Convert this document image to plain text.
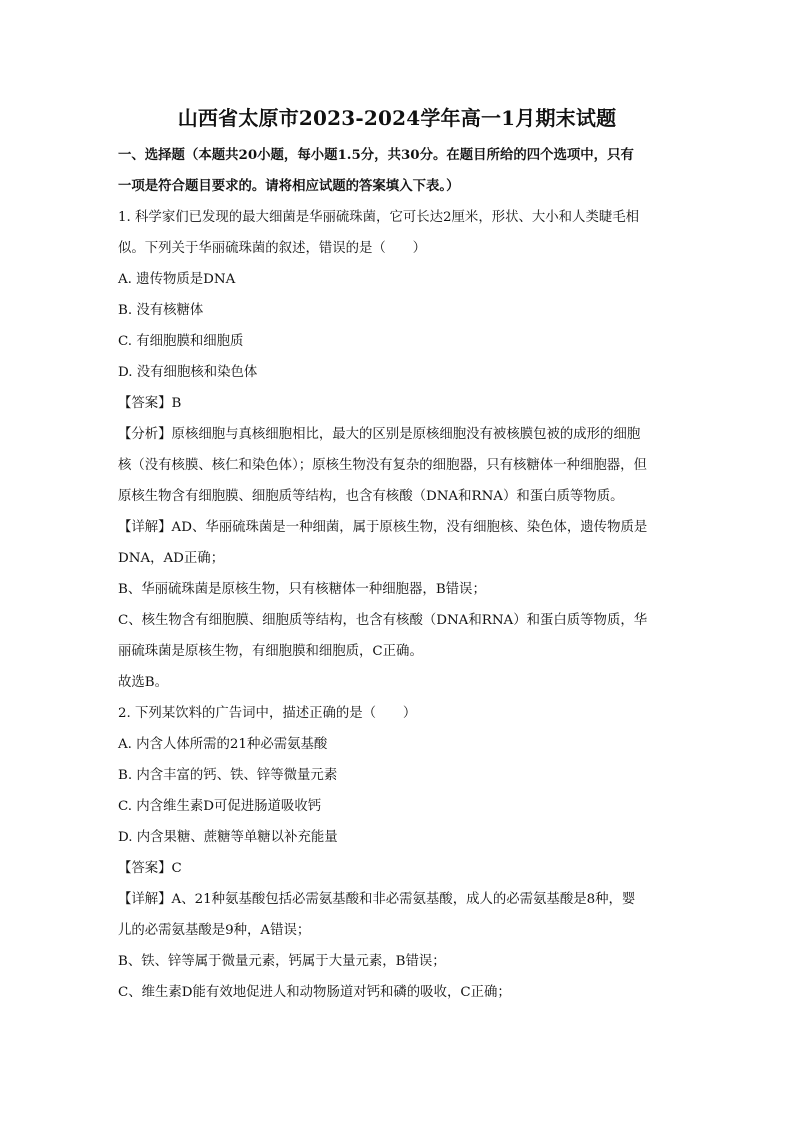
山西省太原市2023-2024学年高一1月期末试题
一、选择题（本题共20小题，每小题1.5分，共30分。在题目所给的四个选项中，只有
一项是符合题目要求的。请将相应试题的答案填入下表。）
1. 科学家们已发现的最大细菌是华丽硫珠菌，它可长达2厘米，形状、大小和人类睫毛相
似。下列关于华丽硫珠菌的叙述，错误的是（　　）
A. 遗传物质是DNA
B. 没有核糖体
C. 有细胞膜和细胞质
D. 没有细胞核和染色体
【答案】B
【分析】原核细胞与真核细胞相比，最大的区别是原核细胞没有被核膜包被的成形的细胞
核（没有核膜、核仁和染色体）；原核生物没有复杂的细胞器，只有核糖体一种细胞器，但
原核生物含有细胞膜、细胞质等结构，也含有核酸（DNA和RNA）和蛋白质等物质。
【详解】AD、华丽硫珠菌是一种细菌，属于原核生物，没有细胞核、染色体，遗传物质是
DNA，AD正确；
B、华丽硫珠菌是原核生物，只有核糖体一种细胞器，B错误；
C、核生物含有细胞膜、细胞质等结构，也含有核酸（DNA和RNA）和蛋白质等物质，华
丽硫珠菌是原核生物，有细胞膜和细胞质，C正确。
故选B。
2. 下列某饮料的广告词中，描述正确的是（　　）
A. 内含人体所需的21种必需氨基酸
B. 内含丰富的钙、铁、锌等微量元素
C. 内含维生素D可促进肠道吸收钙
D. 内含果糖、蔗糖等单糖以补充能量
【答案】C
【详解】A、21种氨基酸包括必需氨基酸和非必需氨基酸，成人的必需氨基酸是8种，婴
儿的必需氨基酸是9种，A错误；
B、铁、锌等属于微量元素，钙属于大量元素，B错误；
C、维生素D能有效地促进人和动物肠道对钙和磷的吸收，C正确；
